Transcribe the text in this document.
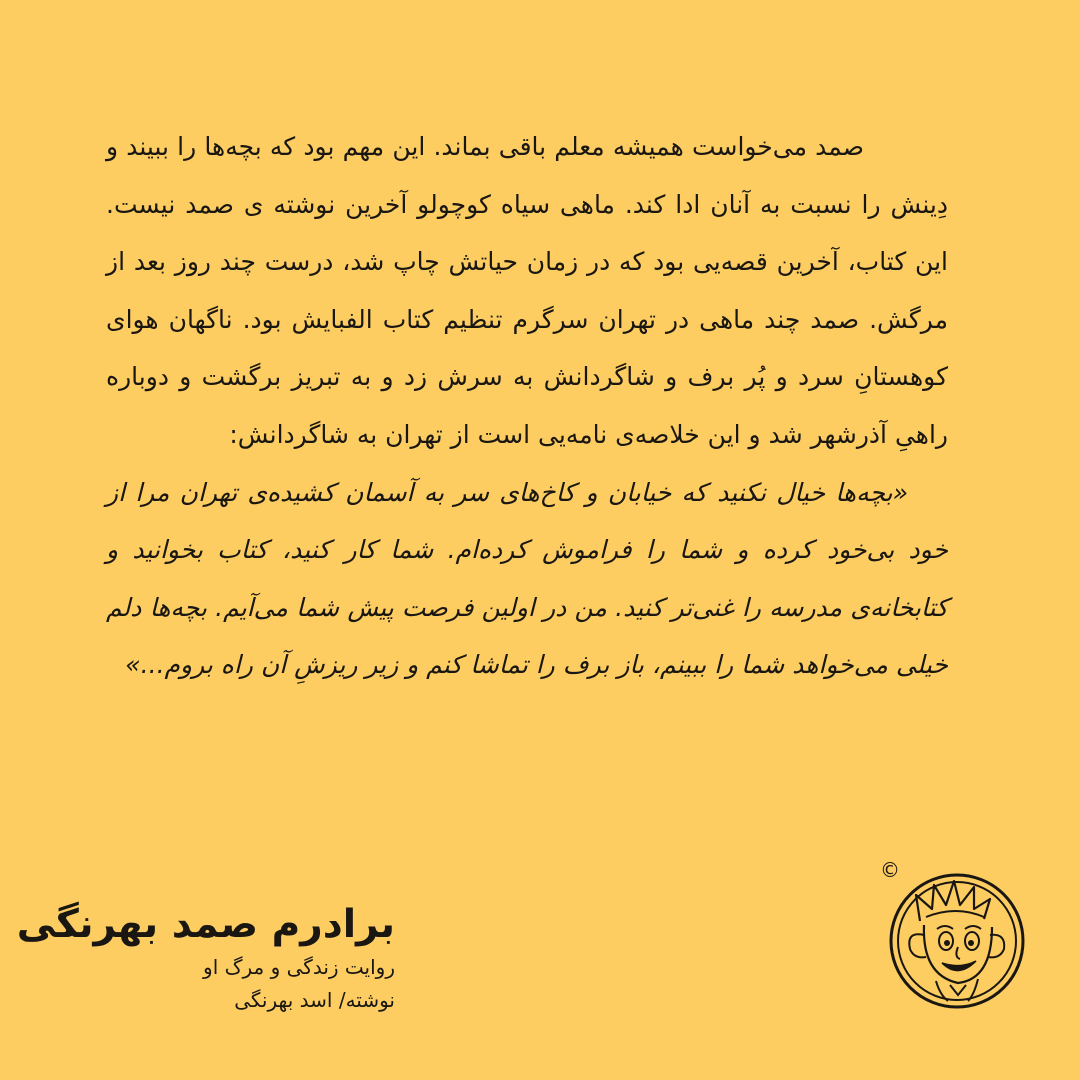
صمد می‌خواست همیشه معلم باقی بماند. این مهم بود که بچه‌ها را ببیند و دِینش را نسبت به آنان ادا کند. ماهی سیاه کوچولو آخرین نوشته ی صمد نیست. این کتاب، آخرین قصه‌یی بود که در زمان حیاتش چاپ شد، درست چند روز بعد از مرگش. صمد چند ماهی در تهران سرگرم تنظیم کتاب الفبایش بود. ناگهان هوای کوهستانِ سرد و پُر برف و شاگردانش به سرش زد و به تبریز برگشت و دوباره راهیِ آذرشهر شد و این خلاصه‌ی نامه‌یی است از تهران به شاگردانش:

«بچه‌ها خیال نکنید که خیابان و کاخ‌های سر به آسمان کشیده‌ی تهران مرا از خود بی‌خود کرده و شما را فراموش کرده‌ام. شما کار کنید، کتاب بخوانید و کتابخانه‌ی مدرسه را غنی‌تر کنید. من در اولین فرصت پیش شما می‌آیم. بچه‌ها دلم خیلی می‌خواهد شما را ببینم، باز برف را تماشا کنم و زیر ریزشِ آن راه بروم...»

برادرم صمد بهرنگی
روایت زندگی و مرگ او
نوشته/ اسد بهرنگی
©
